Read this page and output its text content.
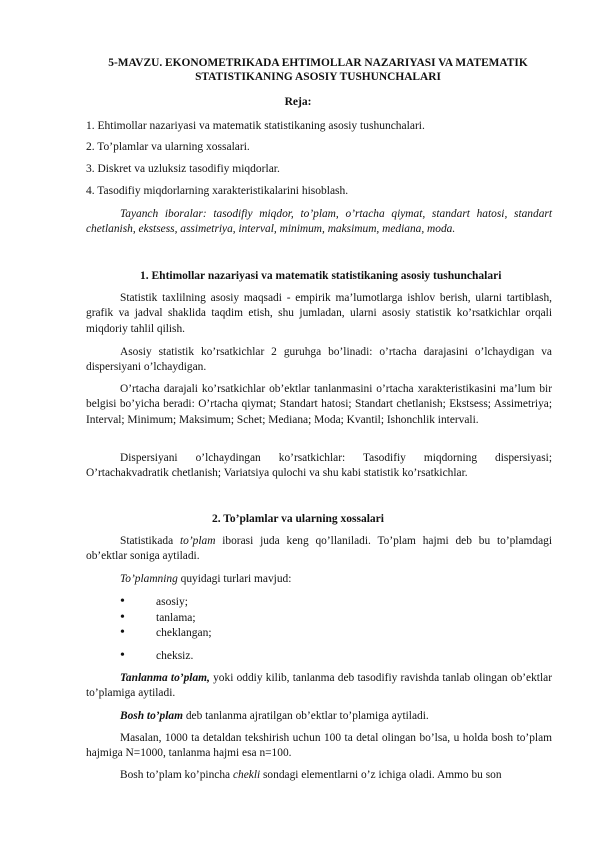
5-MAVZU. EKONOMETRIKADA EHTIMOLLAR NAZARIYASI VA MATEMATIK STATISTIKANING ASOSIY TUSHUNCHALARI
Reja:
1. Ehtimollar nazariyasi va matematik statistikaning asosiy tushunchalari.
2. To’plamlar va ularning xossalari.
3. Diskret va uzluksiz tasodifiy miqdorlar.
4. Tasodifiy miqdorlarning xarakteristikalarini hisoblash.
Tayanch iboralar: tasodifiy miqdor, to’plam, o’rtacha qiymat, standart hatosi, standart chetlanish, ekstsess, assimetriya, interval, minimum, maksimum, mediana, moda.
1. Ehtimollar nazariyasi va matematik statistikaning asosiy tushunchalari
Statistik taxlilning asosiy maqsadi - empirik ma’lumotlarga ishlov berish, ularni tartiblash, grafik va jadval shaklida taqdim etish, shu jumladan, ularni asosiy statistik ko’rsatkichlar orqali miqdoriy tahlil qilish.
Asosiy statistik ko’rsatkichlar 2 guruhga bo’linadi: o’rtacha darajasini o’lchaydigan va dispersiyani o’lchaydigan.
O’rtacha darajali ko’rsatkichlar ob’ektlar tanlanmasini o’rtacha xarakteristikasini ma’lum bir belgisi bo’yicha beradi: O’rtacha qiymat; Standart hatosi; Standart chetlanish; Ekstsess; Assimetriya; Interval; Minimum; Maksimum; Schet; Mediana; Moda; Kvantil; Ishonchlik intervali.
Dispersiyani o’lchaydingan ko’rsatkichlar: Tasodifiy miqdorning dispersiyasi; O’rtachakvadratik chetlanish; Variatsiya qulochi va shu kabi statistik ko’rsatkichlar.
2. To’plamlar va ularning xossalari
Statistikada to’plam iborasi juda keng qo’llaniladi. To’plam hajmi deb bu to’plamdagi ob’ektlar soniga aytiladi.
To’plamning quyidagi turlari mavjud:
•	asosiy;
•	tanlama;
•	cheklangan;
•	cheksiz.
Tanlanma to’plam, yoki oddiy kilib, tanlanma deb tasodifiy ravishda tanlab olingan ob’ektlar to’plamiga aytiladi.
Bosh to’plam deb tanlanma ajratilgan ob’ektlar to’plamiga aytiladi.
Masalan, 1000 ta detaldan tekshirish uchun 100 ta detal olingan bo’lsa, u holda bosh to’plam hajmiga N=1000, tanlanma hajmi esa n=100.
Bosh to’plam ko’pincha chekli sondagi elementlarni o’z ichiga oladi. Ammo bu son
